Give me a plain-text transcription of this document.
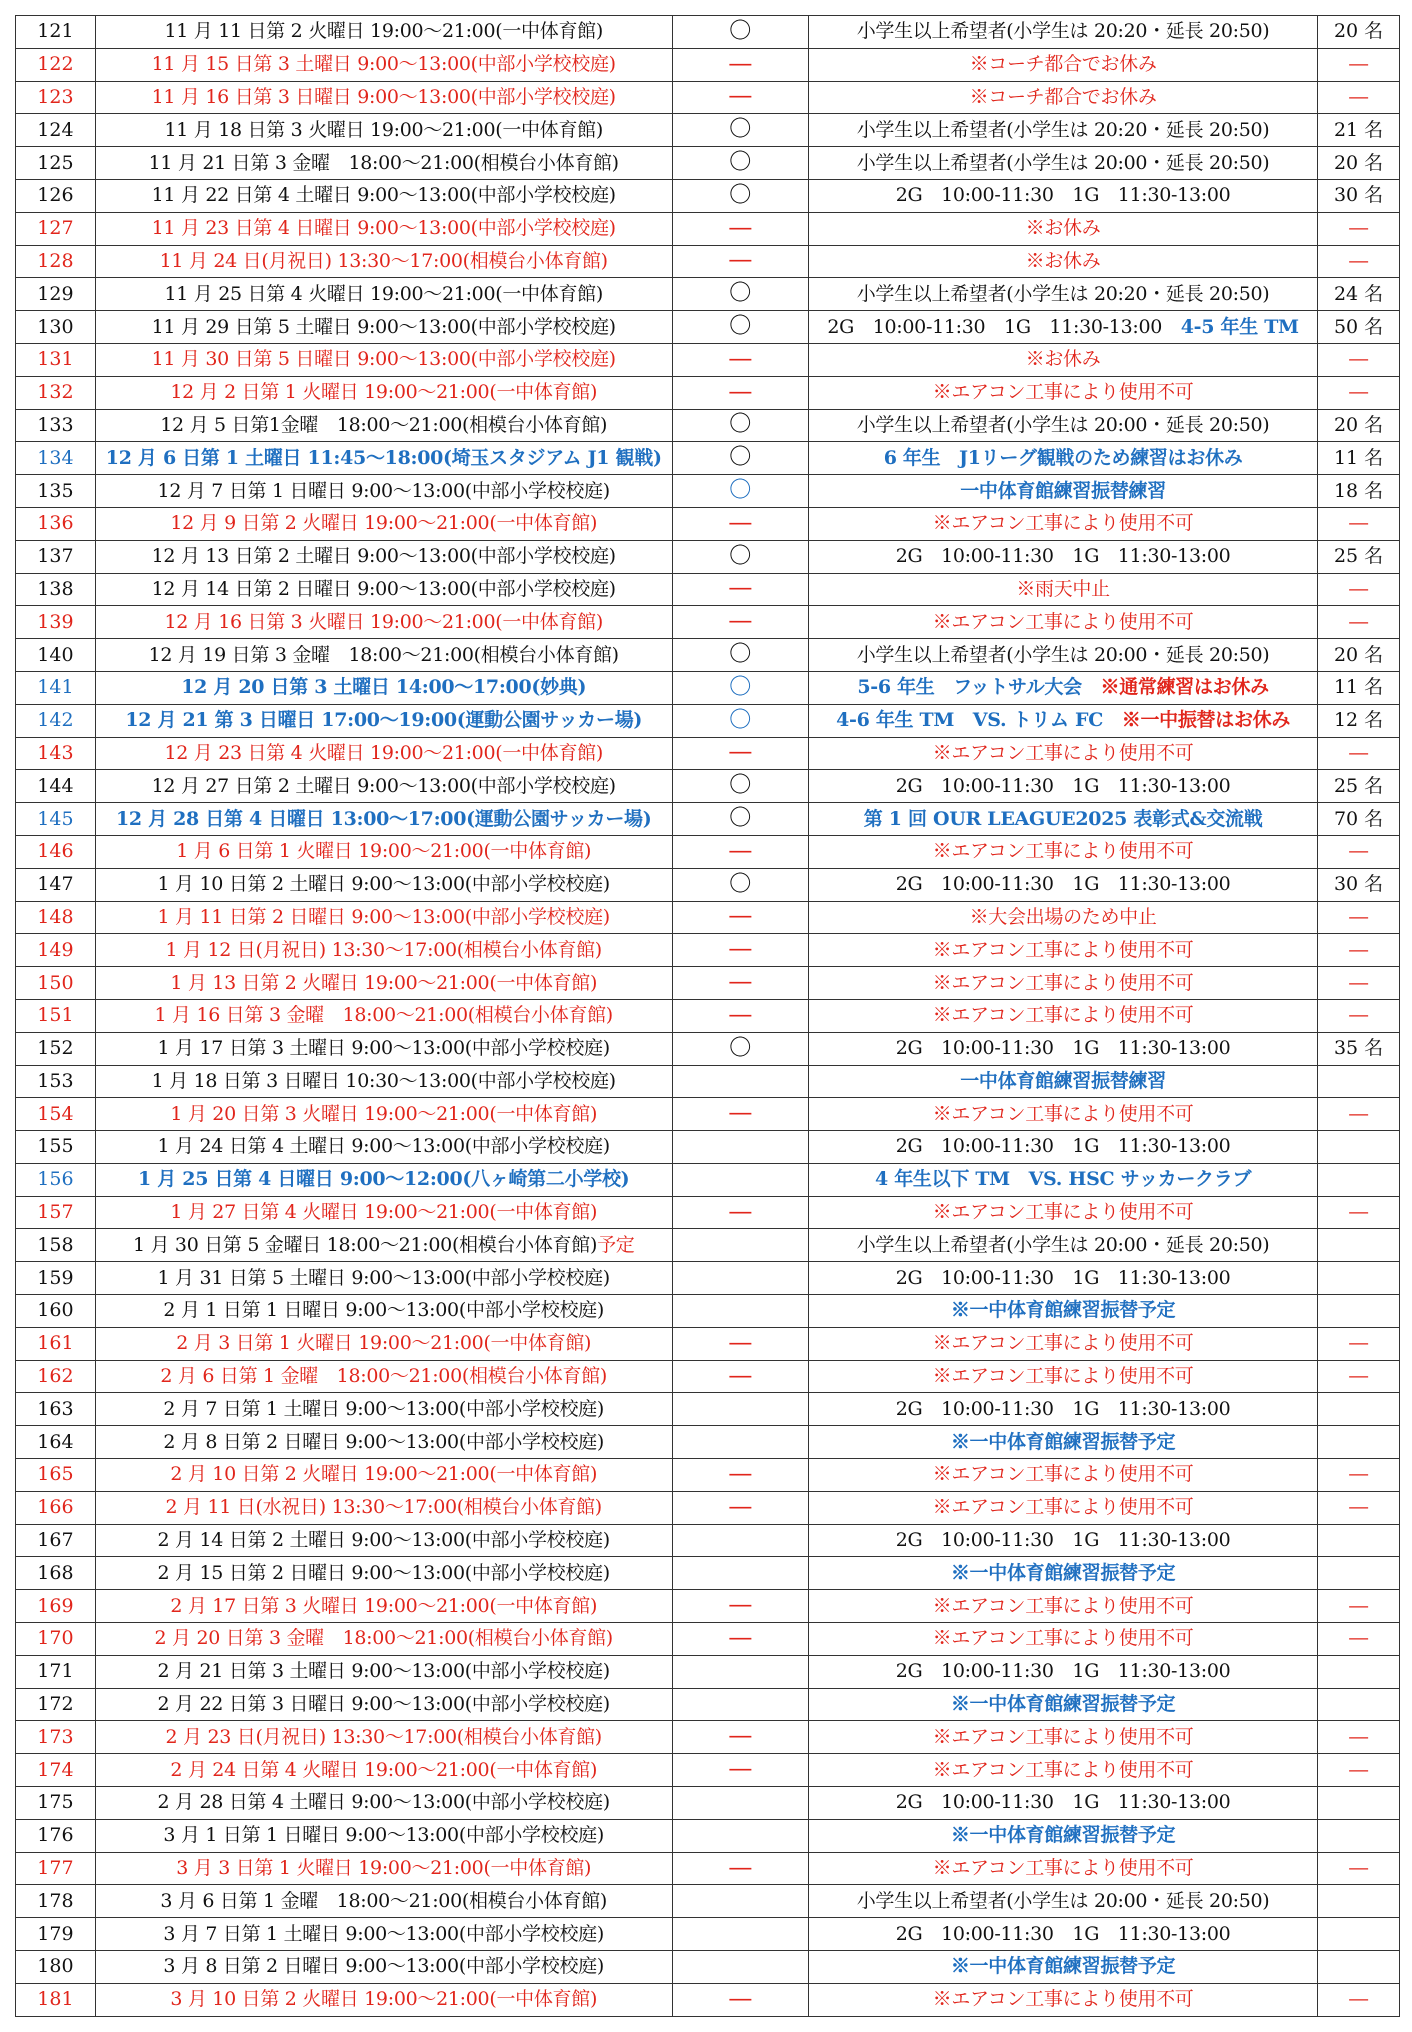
121	11 月 11 日第 2 火曜日 19:00～21:00(一中体育館)	〇	小学生以上希望者(小学生は 20:20・延長 20:50)	20 名
122	11 月 15 日第 3 土曜日 9:00～13:00(中部小学校校庭)	―	※コーチ都合でお休み	―
123	11 月 16 日第 3 日曜日 9:00～13:00(中部小学校校庭)	―	※コーチ都合でお休み	―
124	11 月 18 日第 3 火曜日 19:00～21:00(一中体育館)	〇	小学生以上希望者(小学生は 20:20・延長 20:50)	21 名
125	11 月 21 日第 3 金曜　18:00～21:00(相模台小体育館)	〇	小学生以上希望者(小学生は 20:00・延長 20:50)	20 名
126	11 月 22 日第 4 土曜日 9:00～13:00(中部小学校校庭)	〇	2G　10:00-11:30　1G　11:30-13:00	30 名
127	11 月 23 日第 4 日曜日 9:00～13:00(中部小学校校庭)	―	※お休み	―
128	11 月 24 日(月祝日) 13:30～17:00(相模台小体育館)	―	※お休み	―
129	11 月 25 日第 4 火曜日 19:00～21:00(一中体育館)	〇	小学生以上希望者(小学生は 20:20・延長 20:50)	24 名
130	11 月 29 日第 5 土曜日 9:00～13:00(中部小学校校庭)	〇	2G　10:00-11:30　1G　11:30-13:00　 4-5 年生 TM	50 名
131	11 月 30 日第 5 日曜日 9:00～13:00(中部小学校校庭)	―	※お休み	―
132	12 月 2 日第 1 火曜日 19:00～21:00(一中体育館)	―	※エアコン工事により使用不可	―
133	12 月 5 日第1金曜　18:00～21:00(相模台小体育館)	〇	小学生以上希望者(小学生は 20:00・延長 20:50)	20 名
134	12 月 6 日第 1 土曜日 11:45～18:00(埼玉スタジアム J1 観戦)	〇	6 年生　J1リーグ観戦のため練習はお休み	11 名
135	12 月 7 日第 1 日曜日 9:00～13:00(中部小学校校庭)	〇	一中体育館練習振替練習	18 名
136	12 月 9 日第 2 火曜日 19:00～21:00(一中体育館)	―	※エアコン工事により使用不可	―
137	12 月 13 日第 2 土曜日 9:00～13:00(中部小学校校庭)	〇	2G　10:00-11:30　1G　11:30-13:00	25 名
138	12 月 14 日第 2 日曜日 9:00～13:00(中部小学校校庭)	―	※雨天中止	―
139	12 月 16 日第 3 火曜日 19:00～21:00(一中体育館)	―	※エアコン工事により使用不可	―
140	12 月 19 日第 3 金曜　18:00～21:00(相模台小体育館)	〇	小学生以上希望者(小学生は 20:00・延長 20:50)	20 名
141	12 月 20 日第 3 土曜日 14:00～17:00(妙典)	〇	5-6 年生　フットサル大会　 ※通常練習はお休み	11 名
142	12 月 21 第 3 日曜日 17:00～19:00(運動公園サッカー場)	〇	4-6 年生 TM　VS. トリム FC　 ※一中振替はお休み	12 名
143	12 月 23 日第 4 火曜日 19:00～21:00(一中体育館)	―	※エアコン工事により使用不可	―
144	12 月 27 日第 2 土曜日 9:00～13:00(中部小学校校庭)	〇	2G　10:00-11:30　1G　11:30-13:00	25 名
145	12 月 28 日第 4 日曜日 13:00～17:00(運動公園サッカー場)	〇	第 1 回 OUR LEAGUE2025 表彰式&交流戦	70 名
146	1 月 6 日第 1 火曜日 19:00～21:00(一中体育館)	―	※エアコン工事により使用不可	―
147	1 月 10 日第 2 土曜日 9:00～13:00(中部小学校校庭)	〇	2G　10:00-11:30　1G　11:30-13:00	30 名
148	1 月 11 日第 2 日曜日 9:00～13:00(中部小学校校庭)	―	※大会出場のため中止	―
149	1 月 12 日(月祝日) 13:30～17:00(相模台小体育館)	―	※エアコン工事により使用不可	―
150	1 月 13 日第 2 火曜日 19:00～21:00(一中体育館)	―	※エアコン工事により使用不可	―
151	1 月 16 日第 3 金曜　18:00～21:00(相模台小体育館)	―	※エアコン工事により使用不可	―
152	1 月 17 日第 3 土曜日 9:00～13:00(中部小学校校庭)	〇	2G　10:00-11:30　1G　11:30-13:00	35 名
153	1 月 18 日第 3 日曜日 10:30～13:00(中部小学校校庭)		一中体育館練習振替練習	
154	1 月 20 日第 3 火曜日 19:00～21:00(一中体育館)	―	※エアコン工事により使用不可	―
155	1 月 24 日第 4 土曜日 9:00～13:00(中部小学校校庭)		2G　10:00-11:30　1G　11:30-13:00	
156	1 月 25 日第 4 日曜日 9:00～12:00(八ヶ崎第二小学校)		4 年生以下 TM　VS. HSC サッカークラブ	
157	1 月 27 日第 4 火曜日 19:00～21:00(一中体育館)	―	※エアコン工事により使用不可	―
158	1 月 30 日第 5 金曜日 18:00～21:00(相模台小体育館)予定		小学生以上希望者(小学生は 20:00・延長 20:50)	
159	1 月 31 日第 5 土曜日 9:00～13:00(中部小学校校庭)		2G　10:00-11:30　1G　11:30-13:00	
160	2 月 1 日第 1 日曜日 9:00～13:00(中部小学校校庭)		※一中体育館練習振替予定	
161	2 月 3 日第 1 火曜日 19:00～21:00(一中体育館)	―	※エアコン工事により使用不可	―
162	2 月 6 日第 1 金曜　18:00～21:00(相模台小体育館)	―	※エアコン工事により使用不可	―
163	2 月 7 日第 1 土曜日 9:00～13:00(中部小学校校庭)		2G　10:00-11:30　1G　11:30-13:00	
164	2 月 8 日第 2 日曜日 9:00～13:00(中部小学校校庭)		※一中体育館練習振替予定	
165	2 月 10 日第 2 火曜日 19:00～21:00(一中体育館)	―	※エアコン工事により使用不可	―
166	2 月 11 日(水祝日) 13:30～17:00(相模台小体育館)	―	※エアコン工事により使用不可	―
167	2 月 14 日第 2 土曜日 9:00～13:00(中部小学校校庭)		2G　10:00-11:30　1G　11:30-13:00	
168	2 月 15 日第 2 日曜日 9:00～13:00(中部小学校校庭)		※一中体育館練習振替予定	
169	2 月 17 日第 3 火曜日 19:00～21:00(一中体育館)	―	※エアコン工事により使用不可	―
170	2 月 20 日第 3 金曜　18:00～21:00(相模台小体育館)	―	※エアコン工事により使用不可	―
171	2 月 21 日第 3 土曜日 9:00～13:00(中部小学校校庭)		2G　10:00-11:30　1G　11:30-13:00	
172	2 月 22 日第 3 日曜日 9:00～13:00(中部小学校校庭)		※一中体育館練習振替予定	
173	2 月 23 日(月祝日) 13:30～17:00(相模台小体育館)	―	※エアコン工事により使用不可	―
174	2 月 24 日第 4 火曜日 19:00～21:00(一中体育館)	―	※エアコン工事により使用不可	―
175	2 月 28 日第 4 土曜日 9:00～13:00(中部小学校校庭)		2G　10:00-11:30　1G　11:30-13:00	
176	3 月 1 日第 1 日曜日 9:00～13:00(中部小学校校庭)		※一中体育館練習振替予定	
177	3 月 3 日第 1 火曜日 19:00～21:00(一中体育館)	―	※エアコン工事により使用不可	―
178	3 月 6 日第 1 金曜　18:00～21:00(相模台小体育館)		小学生以上希望者(小学生は 20:00・延長 20:50)	
179	3 月 7 日第 1 土曜日 9:00～13:00(中部小学校校庭)		2G　10:00-11:30　1G　11:30-13:00	
180	3 月 8 日第 2 日曜日 9:00～13:00(中部小学校校庭)		※一中体育館練習振替予定	
181	3 月 10 日第 2 火曜日 19:00～21:00(一中体育館)	―	※エアコン工事により使用不可	―
